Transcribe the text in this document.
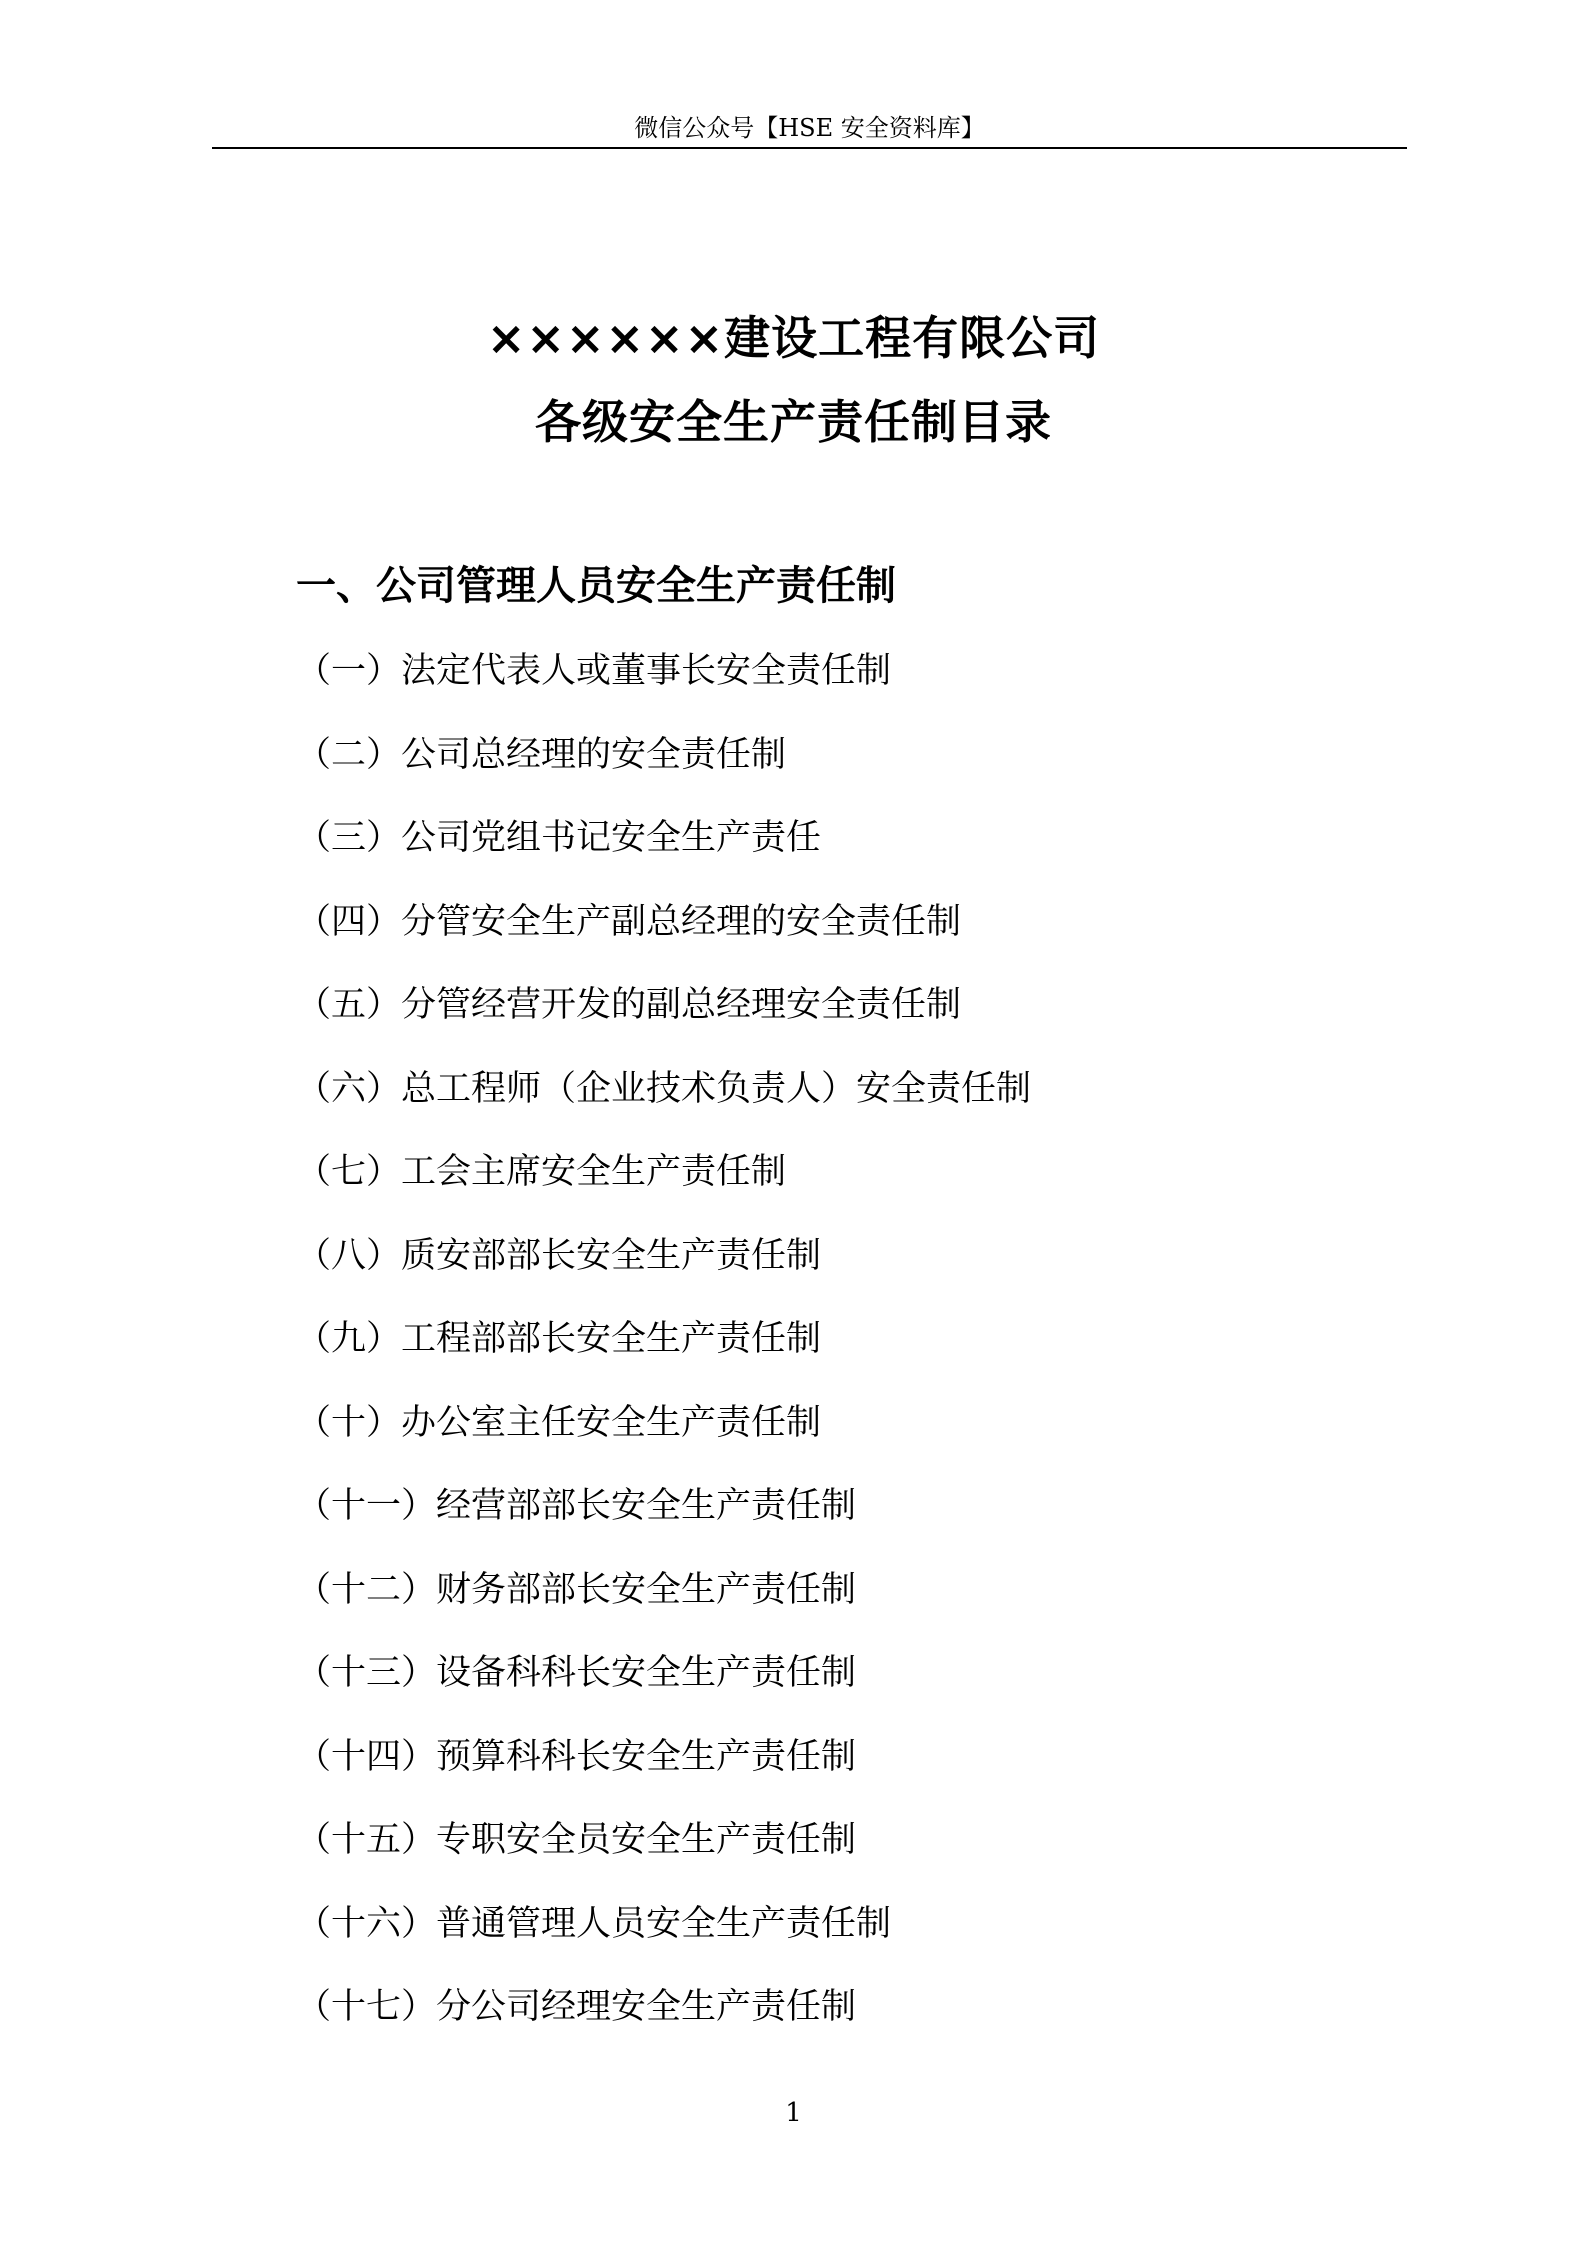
微信公众号【HSE 安全资料库】
××××××建设工程有限公司
各级安全生产责任制目录
一、公司管理人员安全生产责任制
（一）法定代表人或董事长安全责任制
（二）公司总经理的安全责任制
（三）公司党组书记安全生产责任
（四）分管安全生产副总经理的安全责任制
（五）分管经营开发的副总经理安全责任制
（六）总工程师（企业技术负责人）安全责任制
（七）工会主席安全生产责任制
（八）质安部部长安全生产责任制
（九）工程部部长安全生产责任制
（十）办公室主任安全生产责任制
（十一）经营部部长安全生产责任制
（十二）财务部部长安全生产责任制
（十三）设备科科长安全生产责任制
（十四）预算科科长安全生产责任制
（十五）专职安全员安全生产责任制
（十六）普通管理人员安全生产责任制
（十七）分公司经理安全生产责任制
1
